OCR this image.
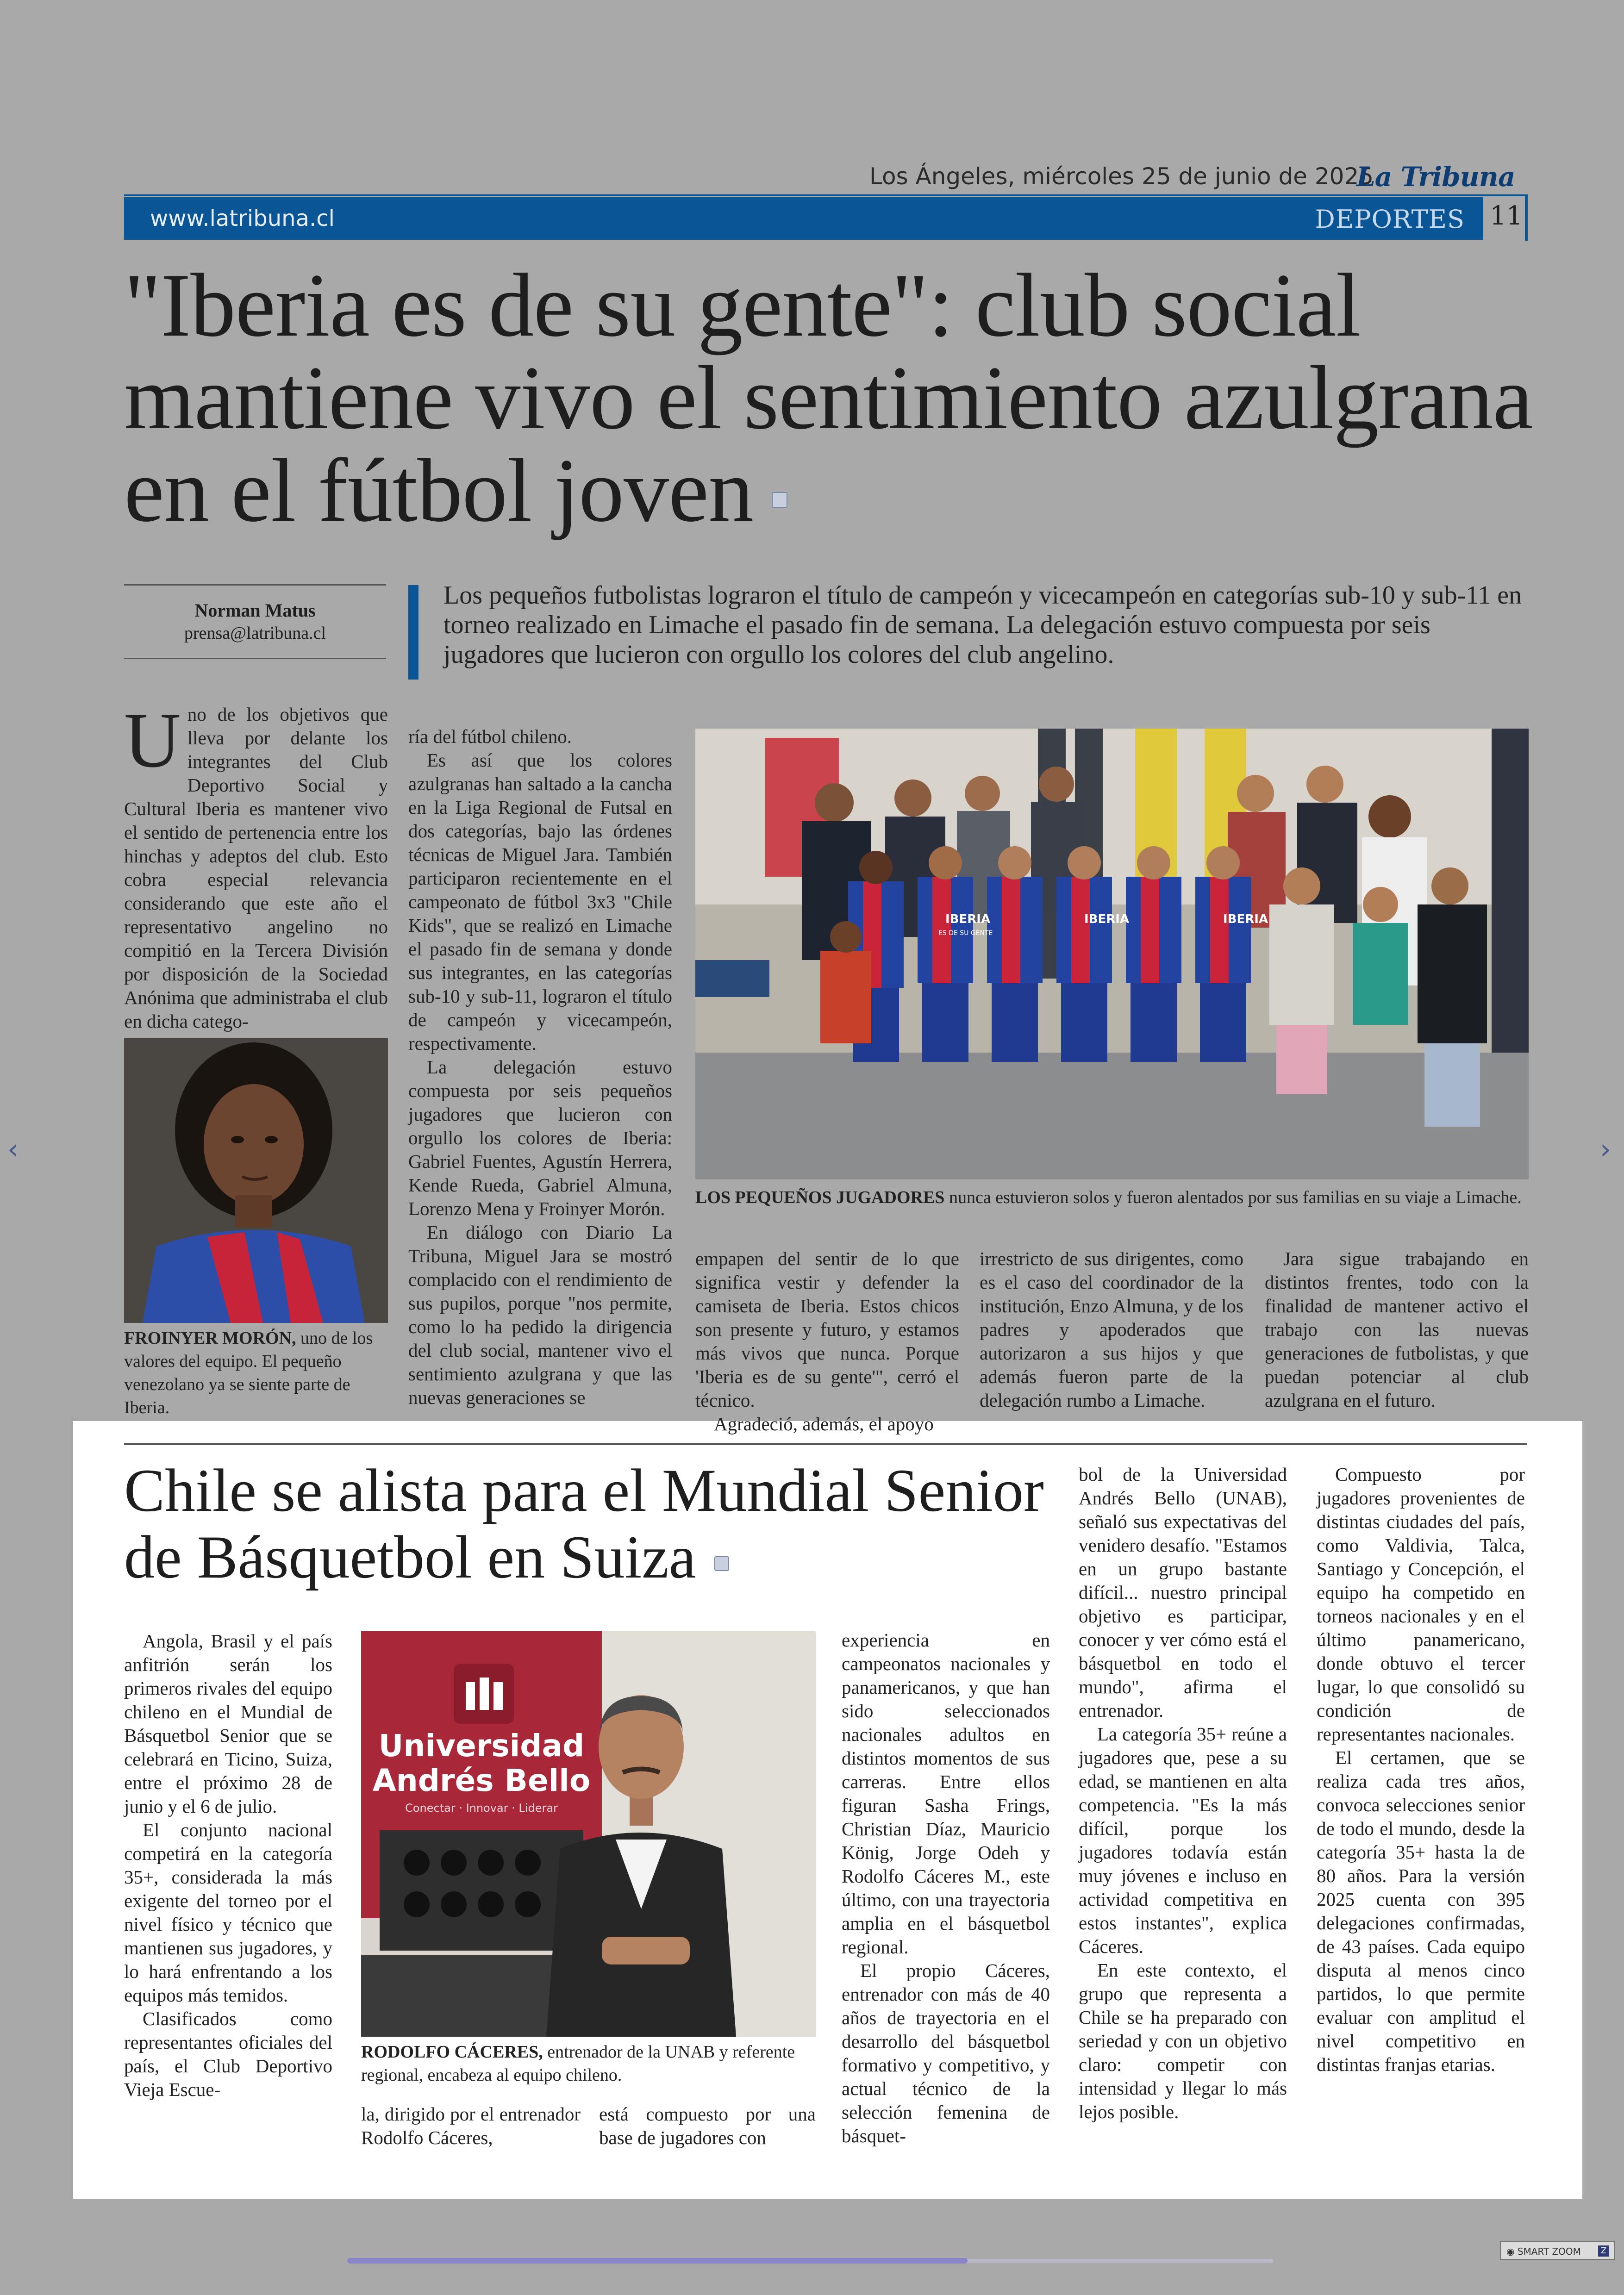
Los Ángeles, miércoles 25 de junio de 2025
La Tribuna
www.latribuna.cl	DEPORTES 11
"Iberia es de su gente": club social mantiene vivo el sentimiento azulgrana en el fútbol joven
Norman Matus
prensa@latribuna.cl

Los pequeños futbolistas lograron el título de campeón y vicecampeón en categorías sub-10 y sub-11 en torneo realizado en Limache el pasado fin de semana. La delegación estuvo compuesta por seis jugadores que lucieron con orgullo los colores del club angelino.

Uno de los objetivos que lleva por delante los integrantes del Club Deportivo Social y Cultural Iberia es mantener vivo el sentido de pertenencia entre los hinchas y adeptos del club. Esto cobra especial relevancia considerando que este año el representativo angelino no compitió en la Tercera División por disposición de la Sociedad Anónima que administraba el club en dicha catego-

FROINYER MORÓN, uno de los valores del equipo. El pequeño venezolano ya se siente parte de Iberia.

ría del fútbol chileno.

Es así que los colores azulgranas han saltado a la cancha en la Liga Regional de Futsal en dos categorías, bajo las órdenes técnicas de Miguel Jara. También participaron recientemente en el campeonato de fútbol 3x3 "Chile Kids", que se realizó en Limache el pasado fin de semana y donde sus integrantes, en las categorías sub-10 y sub-11, lograron el título de campeón y vicecampeón, respectivamente.

La delegación estuvo compuesta por seis pequeños jugadores que lucieron con orgullo los colores de Iberia: Gabriel Fuentes, Agustín Herrera, Kende Rueda, Gabriel Almuna, Lorenzo Mena y Froinyer Morón.

En diálogo con Diario La Tribuna, Miguel Jara se mostró complacido con el rendimiento de sus pupilos, porque "nos permite, como lo ha pedido la dirigencia del club social, mantener vivo el sentimiento azulgrana y que las nuevas generaciones se

IBERIA
ES DE SU GENTE
IBERIA	IBERIA

LOS PEQUEÑOS JUGADORES nunca estuvieron solos y fueron alentados por sus familias en su viaje a Limache.

empapen del sentir de lo que significa vestir y defender la camiseta de Iberia. Estos chicos son presente y futuro, y estamos más vivos que nunca. Porque 'Iberia es de su gente'", cerró el técnico.

Agradeció, además, el apoyo

irrestricto de sus dirigentes, como es el caso del coordinador de la institución, Enzo Almuna, y de los padres y apoderados que autorizaron a sus hijos y que además fueron parte de la delegación rumbo a Limache.

Jara sigue trabajando en distintos frentes, todo con la finalidad de mantener activo el trabajo con las nuevas generaciones de futbolistas, y que puedan potenciar al club azulgrana en el futuro.

Chile se alista para el Mundial Senior de Básquetbol en Suiza

Angola, Brasil y el país anfitrión serán los primeros rivales del equipo chileno en el Mundial de Básquetbol Senior que se celebrará en Ticino, Suiza, entre el próximo 28 de junio y el 6 de julio.

El conjunto nacional competirá en la categoría 35+, considerada la más exigente del torneo por el nivel físico y técnico que mantienen sus jugadores, y lo hará enfrentando a los equipos más temidos.

Clasificados como representantes oficiales del país, el Club Deportivo Vieja Escue-

Universidad
Andrés Bello
Conectar · Innovar · Liderar

RODOLFO CÁCERES, entrenador de la UNAB y referente regional, encabeza al equipo chileno.

la, dirigido por el entrenador Rodolfo Cáceres,

está compuesto por una base de jugadores con

experiencia en campeonatos nacionales y panamericanos, y que han sido seleccionados nacionales adultos en distintos momentos de sus carreras. Entre ellos figuran Sasha Frings, Christian Díaz, Mauricio König, Jorge Odeh y Rodolfo Cáceres M., este último, con una trayectoria amplia en el básquetbol regional.

El propio Cáceres, entrenador con más de 40 años de trayectoria en el desarrollo del básquetbol formativo y competitivo, y actual técnico de la selección femenina de básquet-

bol de la Universidad Andrés Bello (UNAB), señaló sus expectativas del venidero desafío. "Estamos en un grupo bastante difícil... nuestro principal objetivo es participar, conocer y ver cómo está el básquetbol en todo el mundo", afirma el entrenador.

La categoría 35+ reúne a jugadores que, pese a su edad, se mantienen en alta competencia. "Es la más difícil, porque los jugadores todavía están muy jóvenes e incluso en actividad competitiva en estos instantes", explica Cáceres.

En este contexto, el grupo que representa a Chile se ha preparado con seriedad y con un objetivo claro: competir con intensidad y llegar lo más lejos posible.

Compuesto por jugadores provenientes de distintas ciudades del país, como Valdivia, Talca, Santiago y Concepción, el equipo ha competido en torneos nacionales y en el último panamericano, donde obtuvo el tercer lugar, lo que consolidó su condición de representantes nacionales.

El certamen, que se realiza cada tres años, convoca selecciones senior de todo el mundo, desde la categoría 35+ hasta la de 80 años. Para la versión 2025 cuenta con 395 delegaciones confirmadas, de 43 países. Cada equipo disputa al menos cinco partidos, lo que permite evaluar con amplitud el nivel competitivo en distintas franjas etarias.

‹	›
◉ SMART ZOOM	Z
